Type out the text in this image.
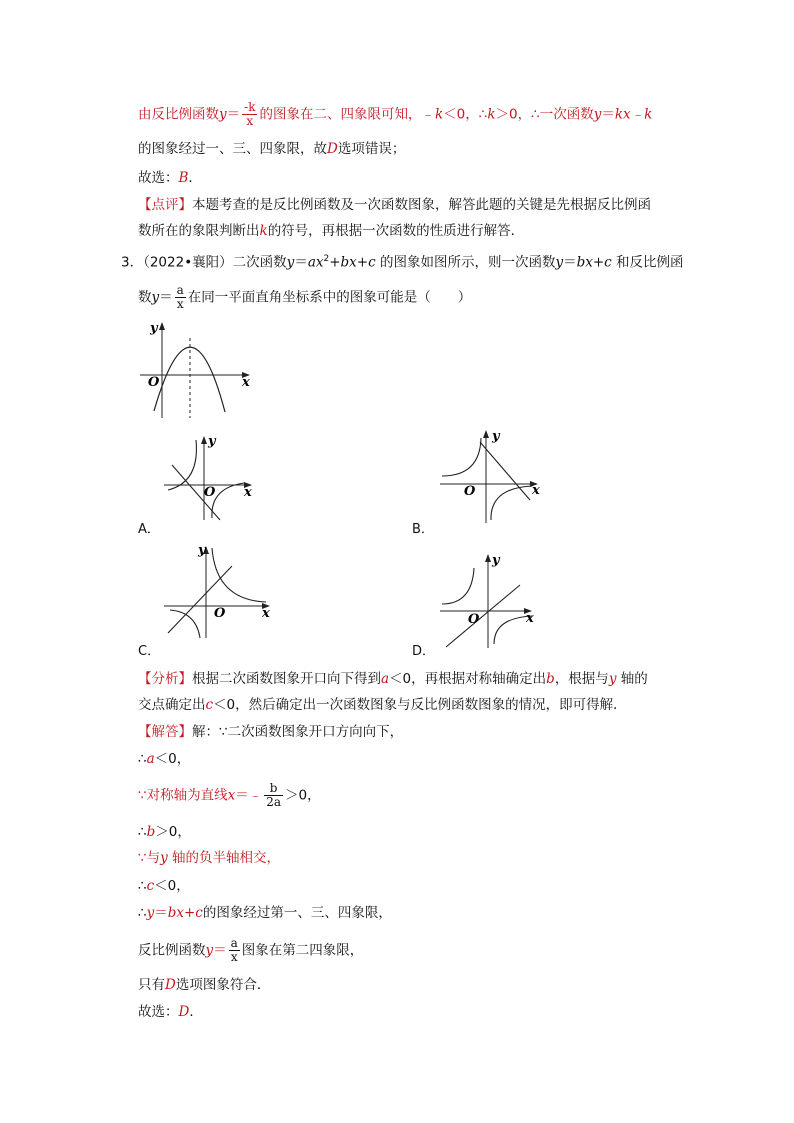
由反比例函数$y= \frac{-k}{x}$ 的图象在二、四象限可知，﹣k＜0，∴k＞0，∴一次函数y＝kx﹣k
的图象经过一、三、四象限，故D选项错误；
故选：B．
【点评】本题考查的是反比例函数及一次函数图象，解答此题的关键是先根据反比例函
数所在的象限判断出k的符号，再根据一次函数的性质进行解答．
3．（2022•襄阳）二次函数$y=ax^2+bx+c$ 的图象如图所示，则一次函数y＝bx+c 和反比例函
数$y= \frac{a}{x}$ 在同一平面直角坐标系中的图象可能是（　　）
y
x
O
y
x
O
A．
y
x
O
B．
y
x
O
C．
y
x
O
D．
【分析】根据二次函数图象开口向下得到a＜0，再根据对称轴确定出b，根据与y 轴的
交点确定出c＜0，然后确定出一次函数图象与反比例函数图象的情况，即可得解．
【解答】解：∵二次函数图象开口方向向下，
∴a＜0，
∵对称轴为直线x＝﹣ $\frac{b}{2a} >0$，
∴b＞0，
∵与y 轴的负半轴相交，
∴c＜0，
∴y＝bx+c的图象经过第一、三、四象限，
反比例函数$y= \frac{a}{x}$ 图象在第二四象限，
只有D选项图象符合．
故选：D．
